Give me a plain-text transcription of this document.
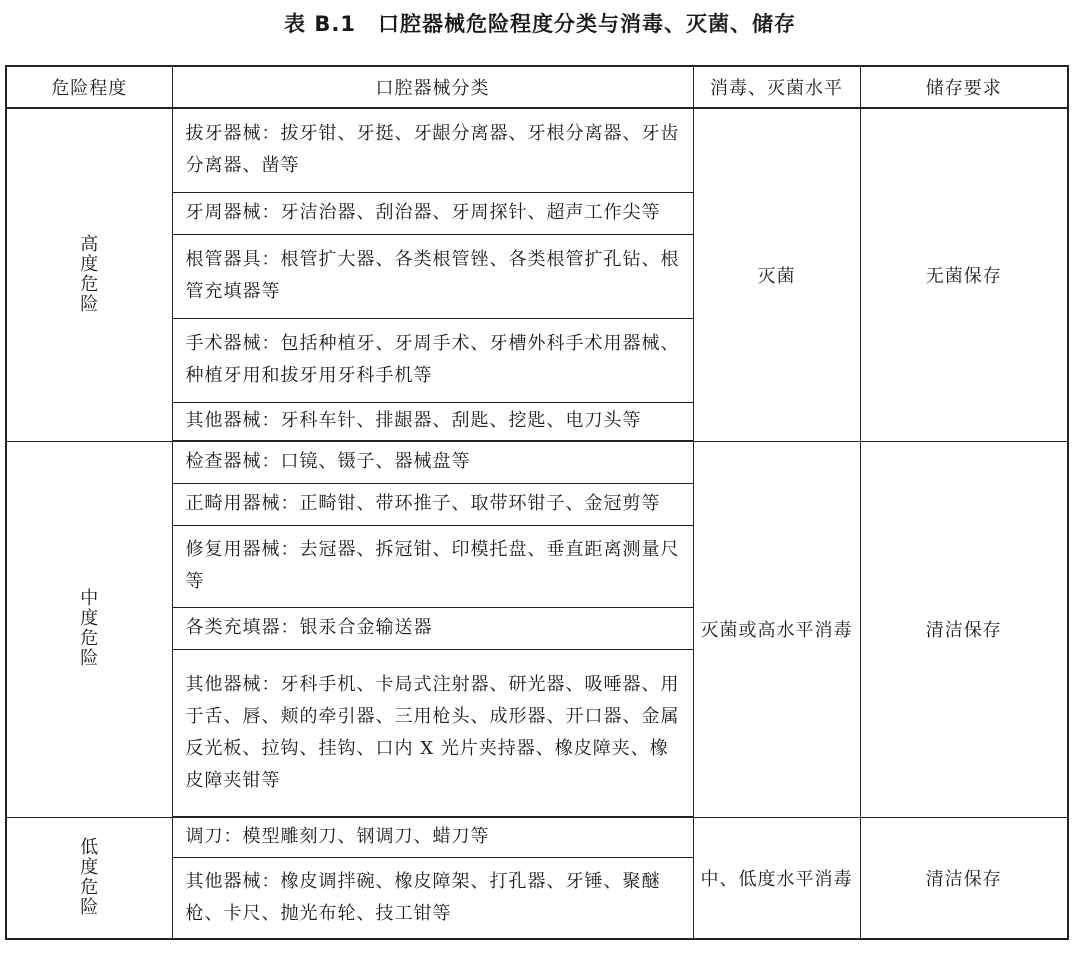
表 B.1　口腔器械危险程度分类与消毒、灭菌、储存
危险程度	口腔器械分类	消毒、灭菌水平	储存要求
高度危险	拔牙器械：拔牙钳、牙挺、牙龈分离器、牙根分离器、牙齿分离器、凿等	灭菌	无菌保存
	牙周器械：牙洁治器、刮治器、牙周探针、超声工作尖等		
	根管器具：根管扩大器、各类根管锉、各类根管扩孔钻、根管充填器等		
	手术器械：包括种植牙、牙周手术、牙槽外科手术用器械、种植牙用和拔牙用牙科手机等		
	其他器械：牙科车针、排龈器、刮匙、挖匙、电刀头等		
中度危险	检查器械：口镜、镊子、器械盘等	灭菌或高水平消毒	清洁保存
	正畸用器械：正畸钳、带环推子、取带环钳子、金冠剪等		
	修复用器械：去冠器、拆冠钳、印模托盘、垂直距离测量尺等		
	各类充填器：银汞合金输送器		
	其他器械：牙科手机、卡局式注射器、研光器、吸唾器、用于舌、唇、颊的牵引器、三用枪头、成形器、开口器、金属反光板、拉钩、挂钩、口内 X 光片夹持器、橡皮障夹、橡皮障夹钳等		
低度危险	调刀：模型雕刻刀、钢调刀、蜡刀等	中、低度水平消毒	清洁保存
	其他器械：橡皮调拌碗、橡皮障架、打孔器、牙锤、聚醚枪、卡尺、抛光布轮、技工钳等		
